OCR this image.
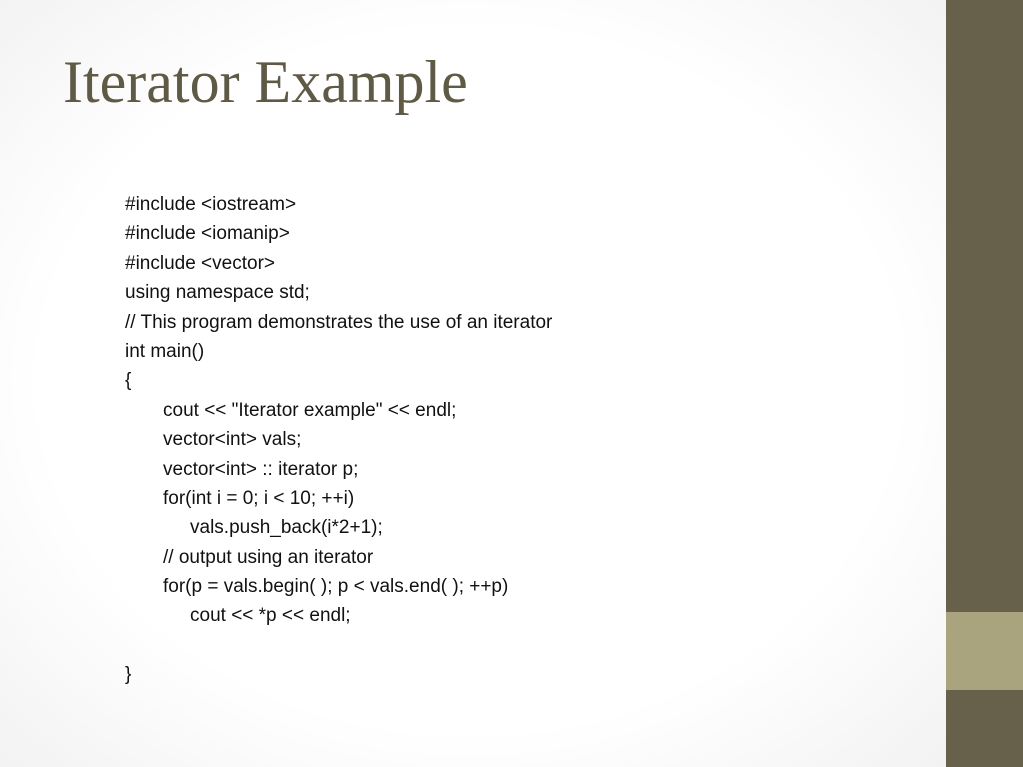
Iterator Example
#include <iostream>
#include <iomanip>
#include <vector>
using namespace std;
// This program demonstrates the use of an iterator
int main()
{
cout << "Iterator example" << endl;
vector<int> vals;
vector<int> :: iterator p;
for(int i = 0; i < 10; ++i)
vals.push_back(i*2+1);
// output using an iterator
for(p = vals.begin( ); p < vals.end( ); ++p)
cout << *p << endl;
}
